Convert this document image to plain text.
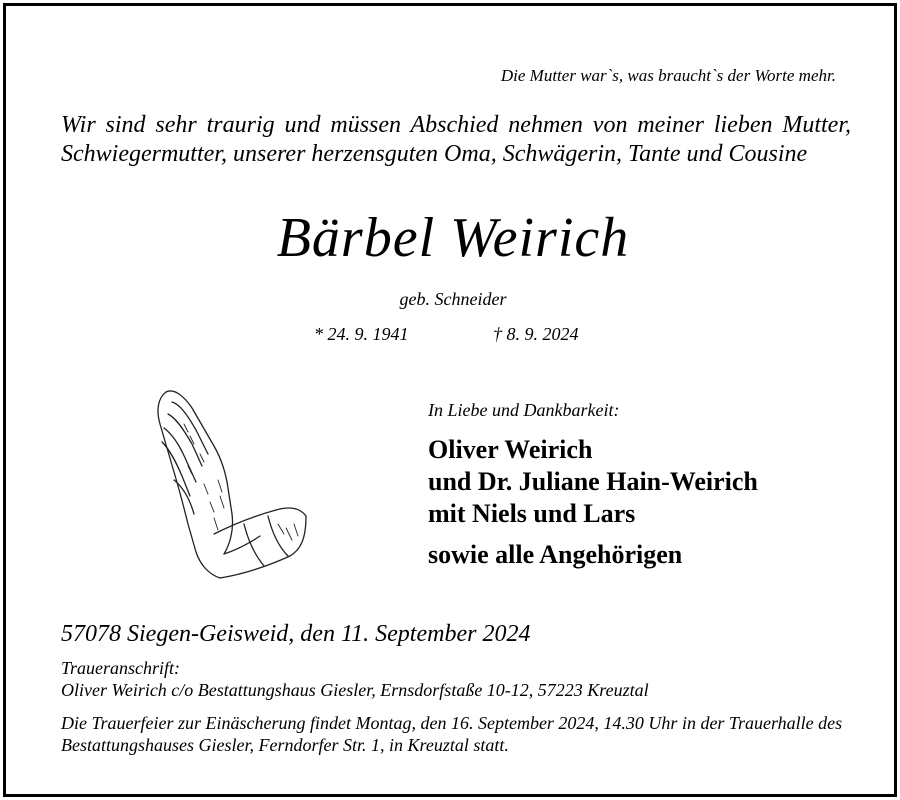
Die Mutter war`s, was braucht`s der Worte mehr.
Wir sind sehr traurig und müssen Abschied nehmen von meiner lieben Mutter, Schwiegermutter, unserer herzensguten Oma, Schwägerin, Tante und Cousine
Bärbel Weirich
geb. Schneider
* 24. 9. 1941	† 8. 9. 2024
In Liebe und Dankbarkeit:
Oliver Weirich
und Dr. Juliane Hain-Weirich
mit Niels und Lars
sowie alle Angehörigen
57078 Siegen-Geisweid, den 11. September 2024
Traueranschrift:
Oliver Weirich c/o Bestattungshaus Giesler, Ernsdorfstaße 10-12, 57223 Kreuztal
Die Trauerfeier zur Einäscherung findet Montag, den 16. September 2024, 14.30 Uhr in der Trauerhalle des Bestattungshauses Giesler, Ferndorfer Str. 1, in Kreuztal statt.
